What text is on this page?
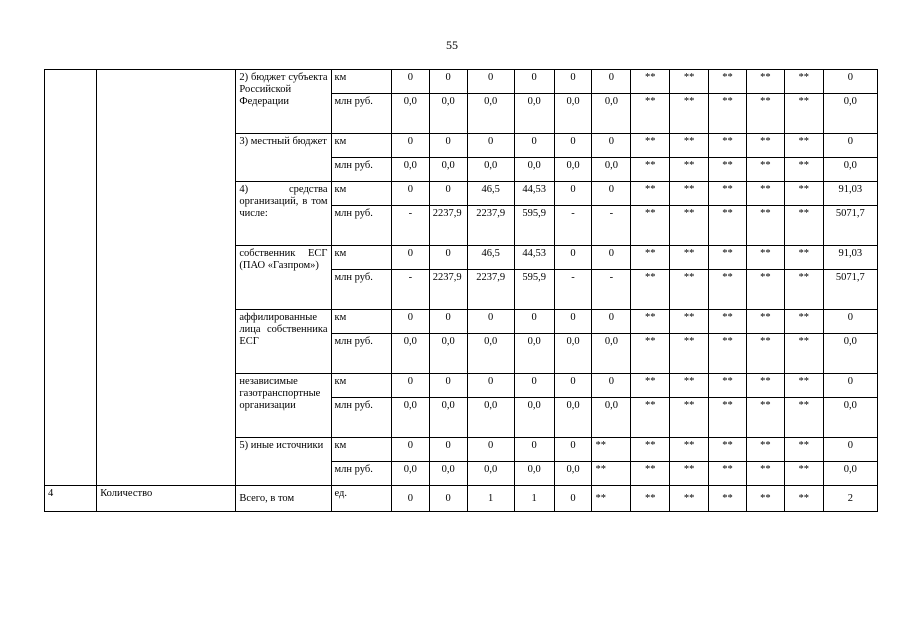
55
		2) бюджет субъекта Российской Федерации	км	0	0	0	0	0	0	**	**	**	**	**	0
			млн руб.	0,0	0,0	0,0	0,0	0,0	0,0	**	**	**	**	**	0,0
		3) местный бюджет	км	0	0	0	0	0	0	**	**	**	**	**	0
			млн руб.	0,0	0,0	0,0	0,0	0,0	0,0	**	**	**	**	**	0,0
		4) средства организаций, в том числе:	км	0	0	46,5	44,53	0	0	**	**	**	**	**	91,03
			млн руб.	-	2237,9	2237,9	595,9	-	-	**	**	**	**	**	5071,7
		собственник ЕСГ (ПАО «Газпром»)	км	0	0	46,5	44,53	0	0	**	**	**	**	**	91,03
			млн руб.	-	2237,9	2237,9	595,9	-	-	**	**	**	**	**	5071,7
		аффилированные лица собственника ЕСГ	км	0	0	0	0	0	0	**	**	**	**	**	0
			млн руб.	0,0	0,0	0,0	0,0	0,0	0,0	**	**	**	**	**	0,0
		независимые газотранспортные организации	км	0	0	0	0	0	0	**	**	**	**	**	0
			млн руб.	0,0	0,0	0,0	0,0	0,0	0,0	**	**	**	**	**	0,0
		5) иные источники	км	0	0	0	0	0	**	**	**	**	**	**	0
			млн руб.	0,0	0,0	0,0	0,0	0,0	**	**	**	**	**	**	0,0
4	Количество	Всего, в том	ед.	0	0	1	1	0	**	**	**	**	**	**	2
